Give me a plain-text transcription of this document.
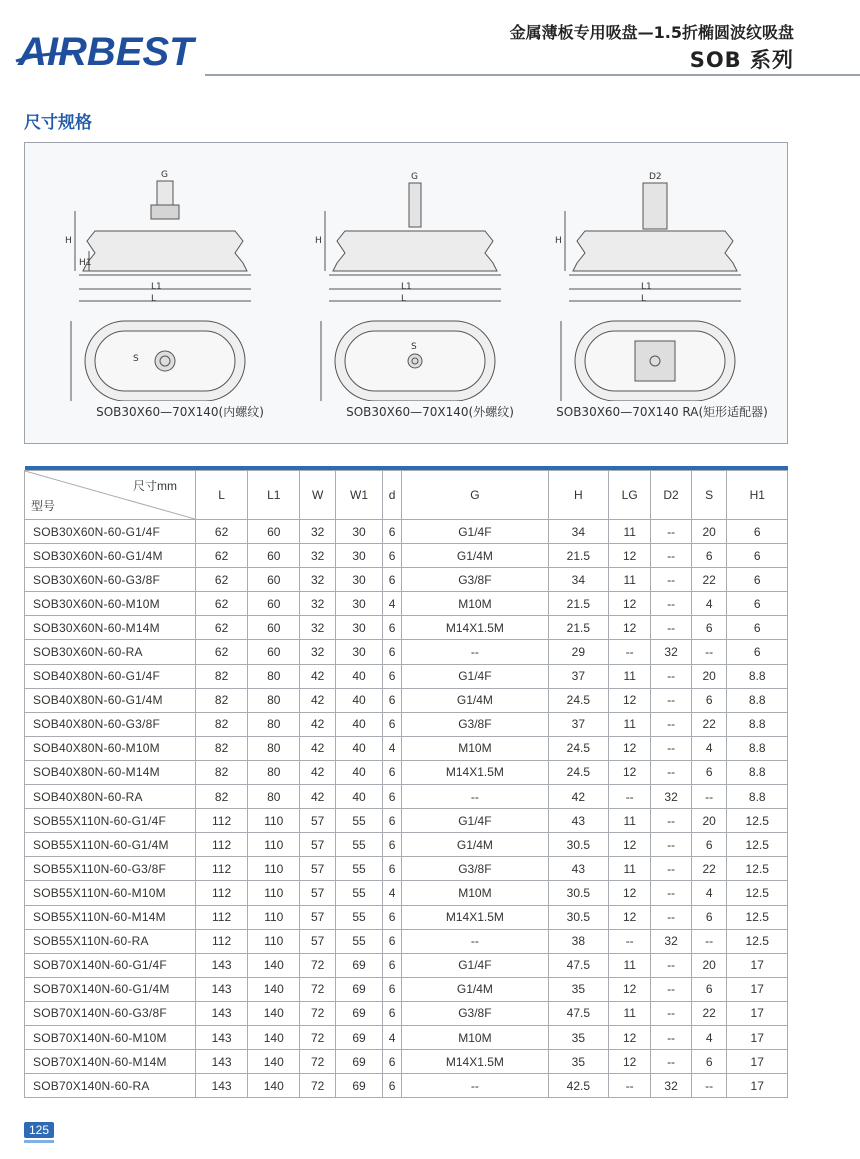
AIRBEST	金属薄板专用吸盘—1.5折椭圆波纹吸盘
SOB 系列
尺寸规格
G
L1
L
H
H1
S
SOB30X60—70X140(内螺纹)
G
L1
L
H
S
SOB30X60—70X140(外螺纹)
D2
L1
L
H
SOB30X60—70X140 RA(矩形适配器)

尺寸mm
型号	L	L1	W	W1	d	G	H	LG	D2	S	H1
SOB30X60N-60-G1/4F	62	60	32	30	6	G1/4F	34	11	--	20	6
SOB30X60N-60-G1/4M	62	60	32	30	6	G1/4M	21.5	12	--	6	6
SOB30X60N-60-G3/8F	62	60	32	30	6	G3/8F	34	11	--	22	6
SOB30X60N-60-M10M	62	60	32	30	4	M10M	21.5	12	--	4	6
SOB30X60N-60-M14M	62	60	32	30	6	M14X1.5M	21.5	12	--	6	6
SOB30X60N-60-RA	62	60	32	30	6	--	29	--	32	--	6
SOB40X80N-60-G1/4F	82	80	42	40	6	G1/4F	37	11	--	20	8.8
SOB40X80N-60-G1/4M	82	80	42	40	6	G1/4M	24.5	12	--	6	8.8
SOB40X80N-60-G3/8F	82	80	42	40	6	G3/8F	37	11	--	22	8.8
SOB40X80N-60-M10M	82	80	42	40	4	M10M	24.5	12	--	4	8.8
SOB40X80N-60-M14M	82	80	42	40	6	M14X1.5M	24.5	12	--	6	8.8
SOB40X80N-60-RA	82	80	42	40	6	--	42	--	32	--	8.8
SOB55X110N-60-G1/4F	112	110	57	55	6	G1/4F	43	11	--	20	12.5
SOB55X110N-60-G1/4M	112	110	57	55	6	G1/4M	30.5	12	--	6	12.5
SOB55X110N-60-G3/8F	112	110	57	55	6	G3/8F	43	11	--	22	12.5
SOB55X110N-60-M10M	112	110	57	55	4	M10M	30.5	12	--	4	12.5
SOB55X110N-60-M14M	112	110	57	55	6	M14X1.5M	30.5	12	--	6	12.5
SOB55X110N-60-RA	112	110	57	55	6	--	38	--	32	--	12.5
SOB70X140N-60-G1/4F	143	140	72	69	6	G1/4F	47.5	11	--	20	17
SOB70X140N-60-G1/4M	143	140	72	69	6	G1/4M	35	12	--	6	17
SOB70X140N-60-G3/8F	143	140	72	69	6	G3/8F	47.5	11	--	22	17
SOB70X140N-60-M10M	143	140	72	69	4	M10M	35	12	--	4	17
SOB70X140N-60-M14M	143	140	72	69	6	M14X1.5M	35	12	--	6	17
SOB70X140N-60-RA	143	140	72	69	6	--	42.5	--	32	--	17
125
